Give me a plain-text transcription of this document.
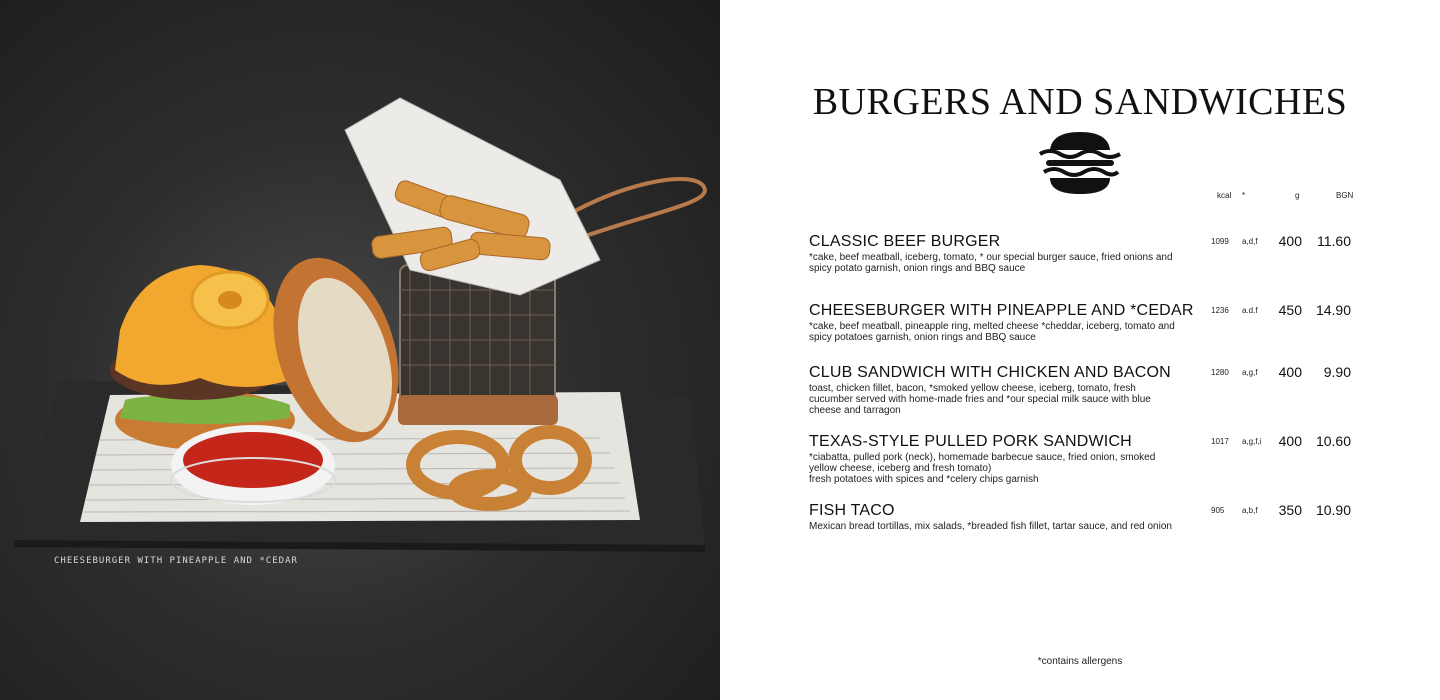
CHEESEBURGER WITH PINEAPPLE AND *CEDAR
BURGERS AND SANDWICHES
kcal *	g	BGN
CLASSIC BEEF BURGER
*cake, beef meatball, iceberg, tomato, * our special burger sauce, fried onions and
spicy potato garnish, onion rings and BBQ sauce
1099	a,d,f	400 11.60
CHEESEBURGER WITH PINEAPPLE AND *CEDAR
*cake, beef meatball, pineapple ring, melted cheese *cheddar, iceberg, tomato and
spicy potatoes garnish, onion rings and BBQ sauce
1236	a.d.f	450 14.90
CLUB SANDWICH WITH CHICKEN AND BACON
toast, chicken fillet, bacon, *smoked yellow cheese, iceberg, tomato, fresh
cucumber served with home-made fries and *our special milk sauce with blue
cheese and tarragon
1280	a,g,f	400	9.90
TEXAS-STYLE PULLED PORK SANDWICH
*ciabatta, pulled pork (neck), homemade barbecue sauce, fried onion, smoked
yellow cheese, iceberg and fresh tomato)
fresh potatoes with spices and *celery chips garnish
1017	a,g,f,i	400 10.60
FISH TACO
Mexican bread tortillas, mix salads, *breaded fish fillet, tartar sauce, and red onion
905	a,b,f	350 10.90
*contains allergens
